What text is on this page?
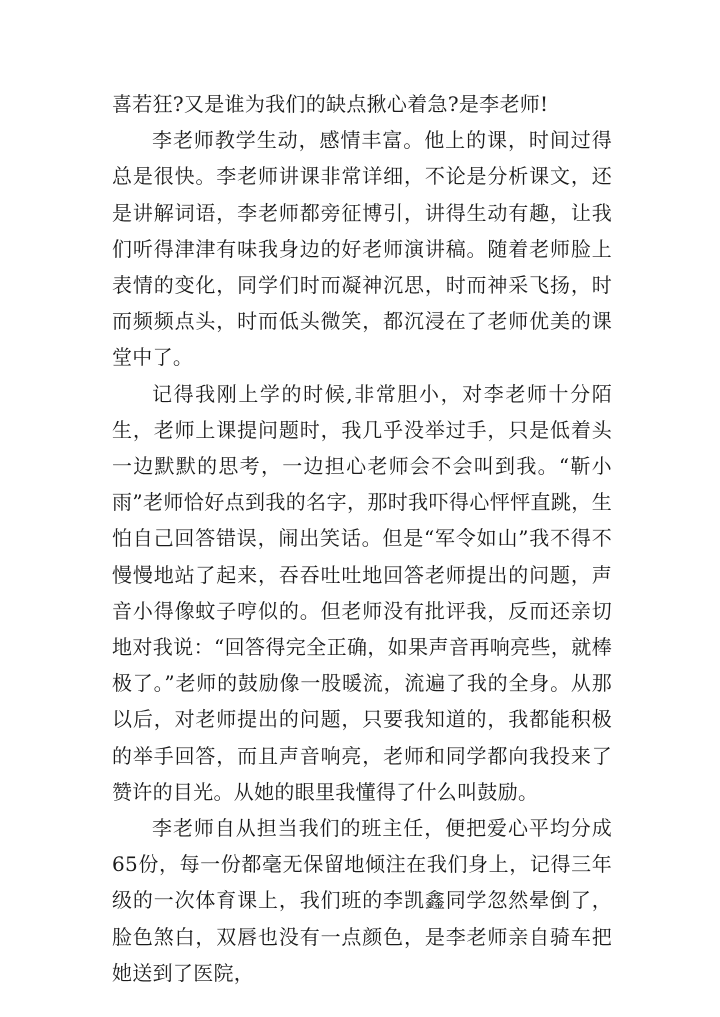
喜若狂?又是谁为我们的缺点揪心着急?是李老师!

李老师教学生动，感情丰富。他上的课，时间过得总是很快。李老师讲课非常详细，不论是分析课文，还是讲解词语，李老师都旁征博引，讲得生动有趣，让我们听得津津有味我身边的好老师演讲稿。随着老师脸上表情的变化，同学们时而凝神沉思，时而神采飞扬，时而频频点头，时而低头微笑，都沉浸在了老师优美的课堂中了。

记得我刚上学的时候,非常胆小，对李老师十分陌生，老师上课提问题时，我几乎没举过手，只是低着头一边默默的思考，一边担心老师会不会叫到我。“靳小雨”老师恰好点到我的名字，那时我吓得心怦怦直跳，生怕自己回答错误，闹出笑话。但是“军令如山”我不得不慢慢地站了起来，吞吞吐吐地回答老师提出的问题，声音小得像蚊子哼似的。但老师没有批评我，反而还亲切地对我说：“回答得完全正确，如果声音再响亮些，就棒极了。”老师的鼓励像一股暖流，流遍了我的全身。从那以后，对老师提出的问题，只要我知道的，我都能积极的举手回答，而且声音响亮，老师和同学都向我投来了赞许的目光。从她的眼里我懂得了什么叫鼓励。

李老师自从担当我们的班主任，便把爱心平均分成65份，每一份都毫无保留地倾注在我们身上，记得三年级的一次体育课上，我们班的李凯鑫同学忽然晕倒了，脸色煞白，双唇也没有一点颜色，是李老师亲自骑车把她送到了医院，
